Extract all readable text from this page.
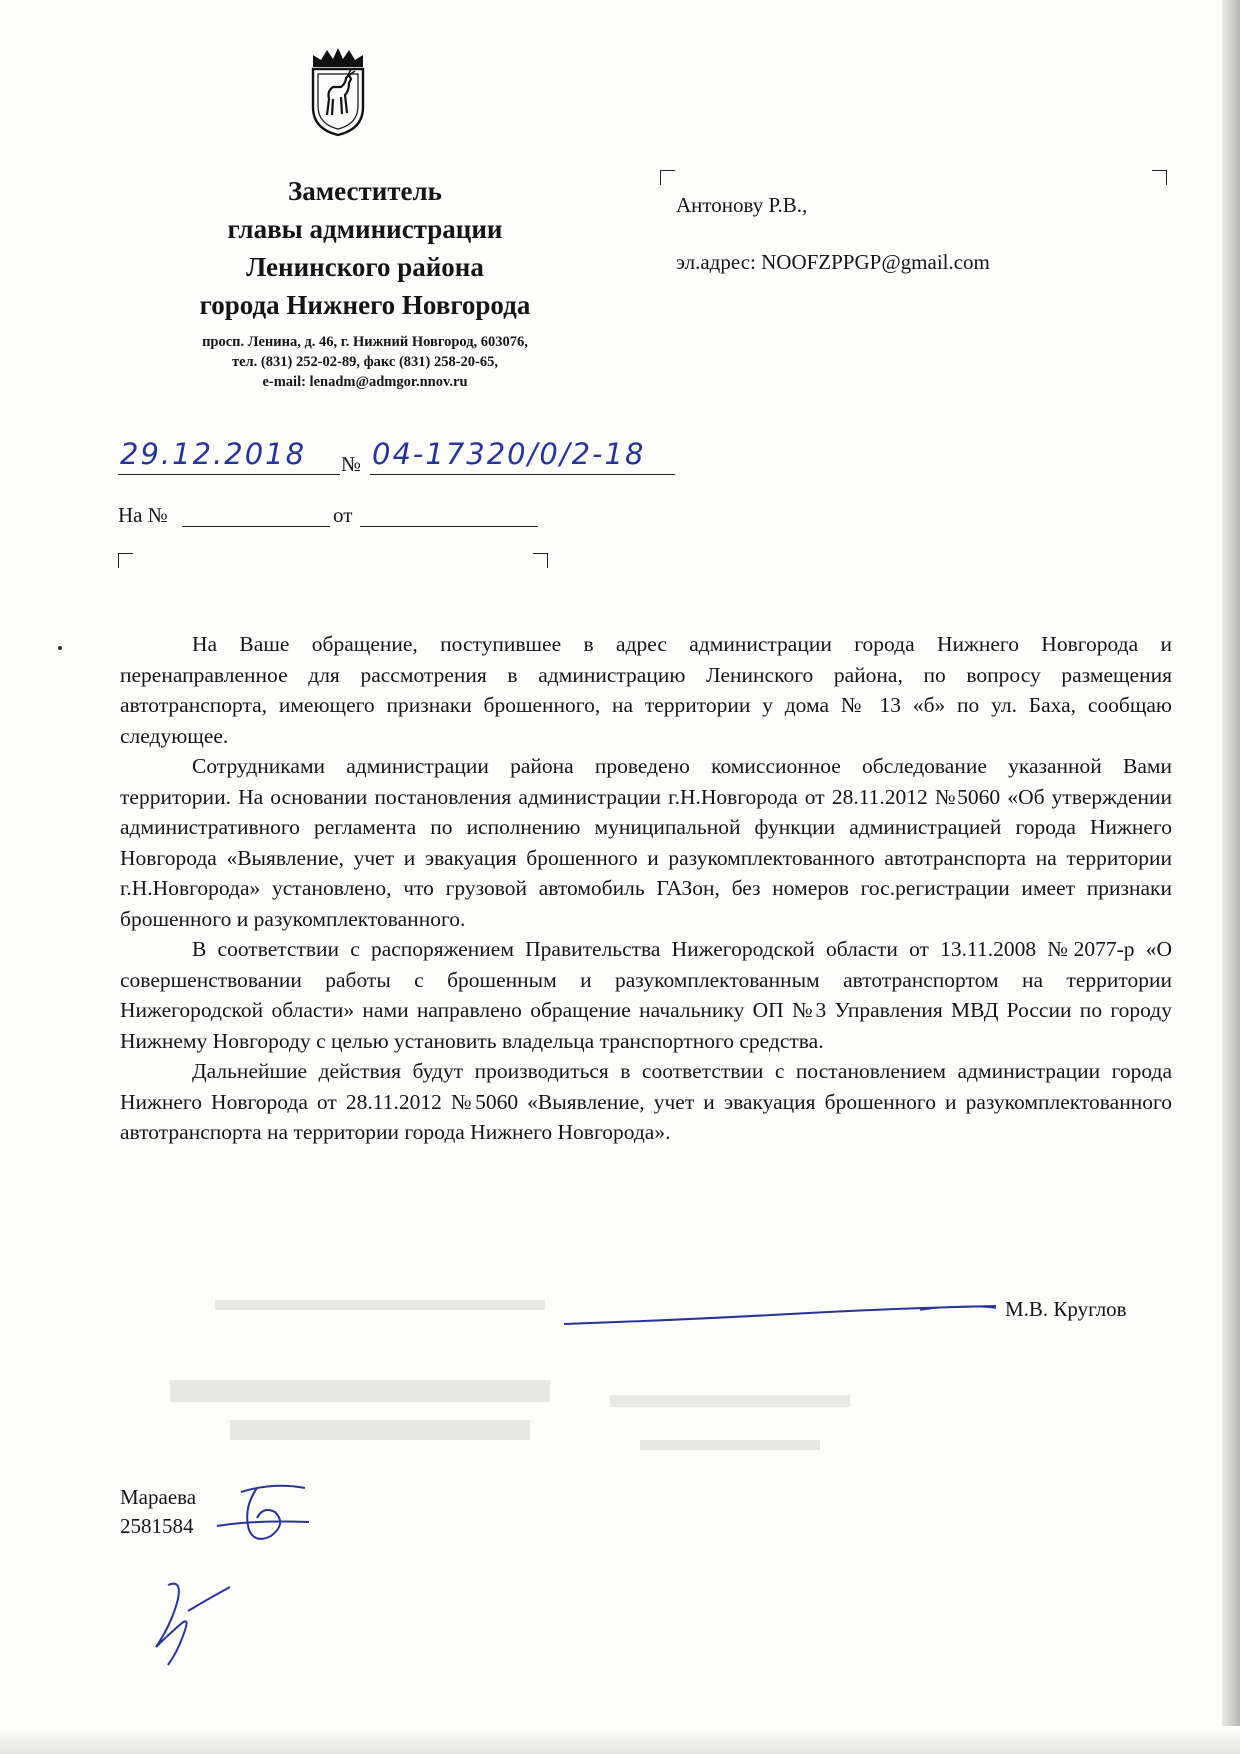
Заместитель
главы администрации
Ленинского района
города Нижнего Новгорода
просп. Ленина, д. 46, г. Нижний Новгород, 603076,
тел. (831) 252-02-89, факс (831) 258-20-65,
e-mail: lenadm@admgor.nnov.ru
Антонову Р.В.,
эл.адрес: NOOFZPPGP@gmail.com
29.12.2018 № 04-17320/0/2-18
На №	от

На Ваше обращение, поступившее в адрес администрации города Нижнего Новгорода и перенаправленное для рассмотрения в администрацию Ленинского района, по вопросу размещения автотранспорта, имеющего признаки брошенного, на территории у дома № 13 «б» по ул. Баха, сообщаю следующее.

Сотрудниками администрации района проведено комиссионное обследование указанной Вами территории. На основании постановления администрации г.Н.Новгорода от 28.11.2012 №5060 «Об утверждении административного регламента по исполнению муниципальной функции администрацией города Нижнего Новгорода «Выявление, учет и эвакуация брошенного и разукомплектованного автотранспорта на территории г.Н.Новгорода» установлено, что грузовой автомобиль ГАЗон, без номеров гос.регистрации имеет признаки брошенного и разукомплектованного.

В соответствии с распоряжением Правительства Нижегородской области от 13.11.2008 №2077-р «О совершенствовании работы с брошенным и разукомплектованным автотранспортом на территории Нижегородской области» нами направлено обращение начальнику ОП №3 Управления МВД России по городу Нижнему Новгороду с целью установить владельца транспортного средства.

Дальнейшие действия будут производиться в соответствии с постановлением администрации города Нижнего Новгорода от 28.11.2012 №5060 «Выявление, учет и эвакуация брошенного и разукомплектованного автотранспорта на территории города Нижнего Новгорода».

М.В. Круглов
Мараева
2581584
